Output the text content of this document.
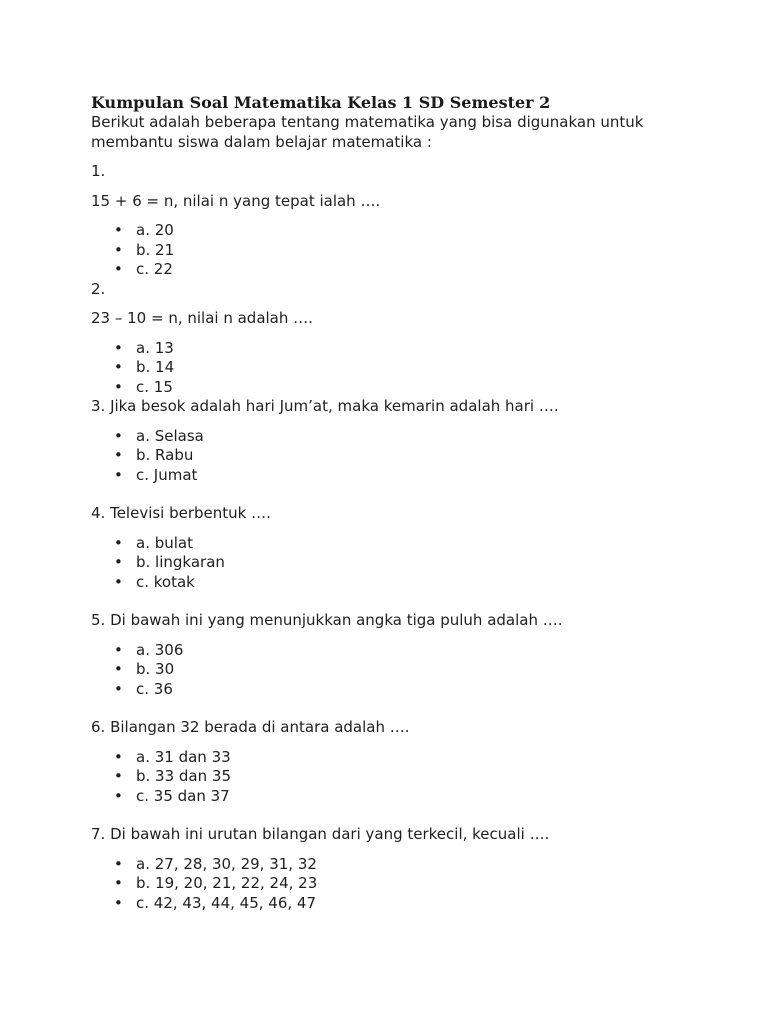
Kumpulan Soal Matematika Kelas 1 SD Semester 2

Berikut adalah beberapa tentang matematika yang bisa digunakan untuk membantu siswa dalam belajar matematika :

1.

15 + 6 = n, nilai n yang tepat ialah ….

• a. 20
• b. 21
• c. 22

2.

23 – 10 = n, nilai n adalah ….

• a. 13
• b. 14
• c. 15

3. Jika besok adalah hari Jum’at, maka kemarin adalah hari ….

• a. Selasa
• b. Rabu
• c. Jumat

4. Televisi berbentuk ….

• a. bulat
• b. lingkaran
• c. kotak

5. Di bawah ini yang menunjukkan angka tiga puluh adalah ….

• a. 306
• b. 30
• c. 36

6. Bilangan 32 berada di antara adalah ….

• a. 31 dan 33
• b. 33 dan 35
• c. 35 dan 37

7. Di bawah ini urutan bilangan dari yang terkecil, kecuali ….

• a. 27, 28, 30, 29, 31, 32
• b. 19, 20, 21, 22, 24, 23
• c. 42, 43, 44, 45, 46, 47
